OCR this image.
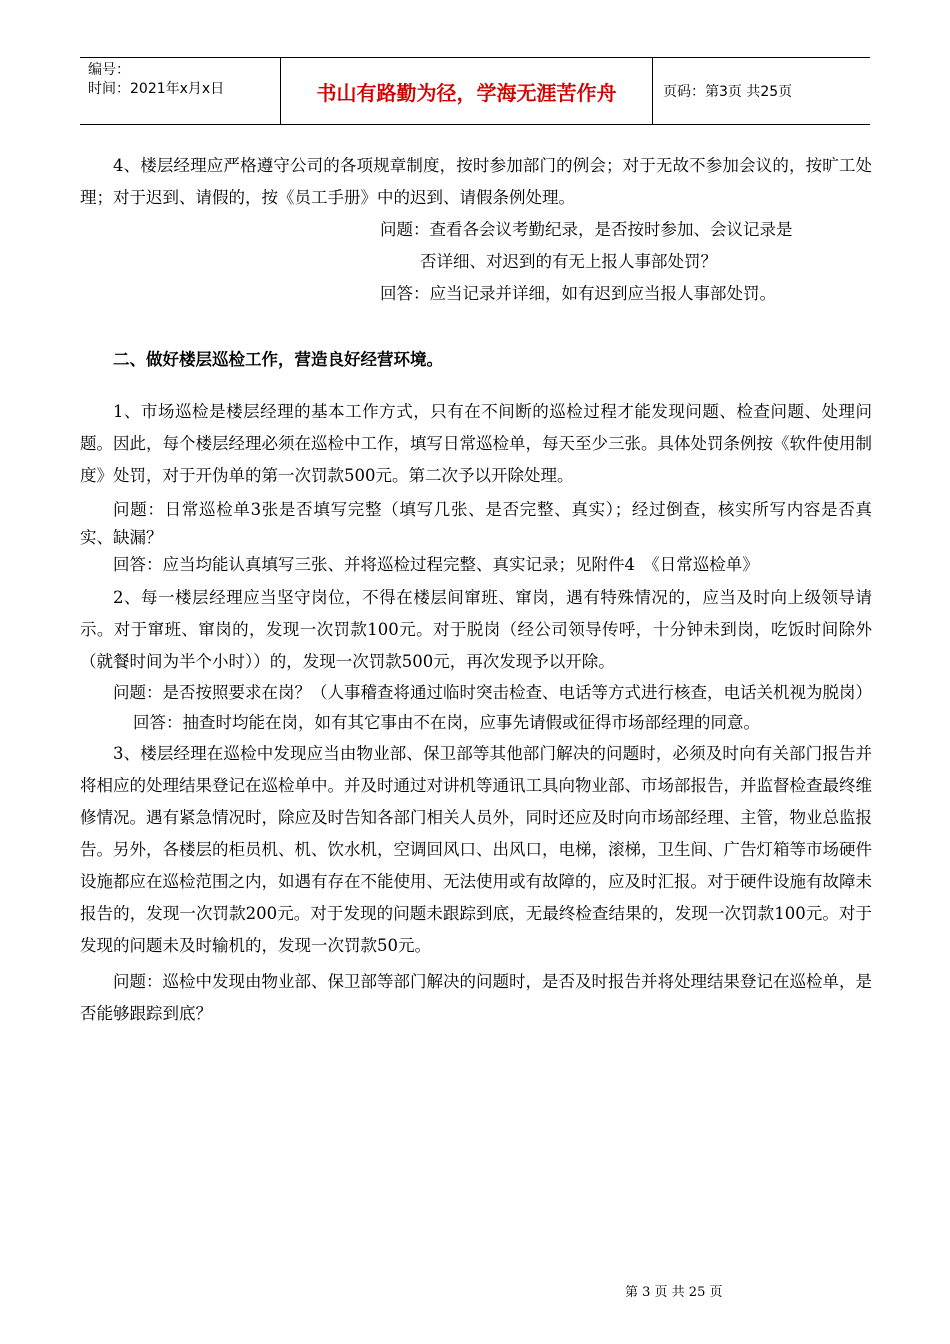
编号：
时间：2021年x月x日	书山有路勤为径，学海无涯苦作舟	页码：第3页 共25页

4、楼层经理应严格遵守公司的各项规章制度，按时参加部门的例会；对于无故不参加会议的，按旷工处理；对于迟到、请假的，按《员工手册》中的迟到、请假条例处理。

问题：查看各会议考勤纪录，是否按时参加、会议记录是

否详细、对迟到的有无上报人事部处罚？

回答：应当记录并详细，如有迟到应当报人事部处罚。

二、做好楼层巡检工作，营造良好经营环境。

1、市场巡检是楼层经理的基本工作方式，只有在不间断的巡检过程才能发现问题、检查问题、处理问题。因此，每个楼层经理必须在巡检中工作，填写日常巡检单，每天至少三张。具体处罚条例按《软件使用制度》处罚，对于开伪单的第一次罚款500元。第二次予以开除处理。

问题：日常巡检单3张是否填写完整（填写几张、是否完整、真实）；经过倒查，核实所写内容是否真实、缺漏？

回答：应当均能认真填写三张、并将巡检过程完整、真实记录；见附件4　《日常巡检单》

2、每一楼层经理应当坚守岗位，不得在楼层间窜班、窜岗，遇有特殊情况的，应当及时向上级领导请示。对于窜班、窜岗的，发现一次罚款100元。对于脱岗（经公司领导传呼，十分钟未到岗，吃饭时间除外（就餐时间为半个小时））的，发现一次罚款500元，再次发现予以开除。

问题：是否按照要求在岗？（人事稽查将通过临时突击检查、电话等方式进行核查，电话关机视为脱岗）

回答：抽查时均能在岗，如有其它事由不在岗，应事先请假或征得市场部经理的同意。

3、楼层经理在巡检中发现应当由物业部、保卫部等其他部门解决的问题时，必须及时向有关部门报告并将相应的处理结果登记在巡检单中。并及时通过对讲机等通讯工具向物业部、市场部报告，并监督检查最终维修情况。遇有紧急情况时，除应及时告知各部门相关人员外，同时还应及时向市场部经理、主管，物业总监报告。另外，各楼层的柜员机、机、饮水机，空调回风口、出风口，电梯，滚梯，卫生间、广告灯箱等市场硬件设施都应在巡检范围之内，如遇有存在不能使用、无法使用或有故障的，应及时汇报。对于硬件设施有故障未报告的，发现一次罚款200元。对于发现的问题未跟踪到底，无最终检查结果的，发现一次罚款100元。对于发现的问题未及时输机的，发现一次罚款50元。

问题：巡检中发现由物业部、保卫部等部门解决的问题时，是否及时报告并将处理结果登记在巡检单，是否能够跟踪到底？

第 3 页 共 25 页
